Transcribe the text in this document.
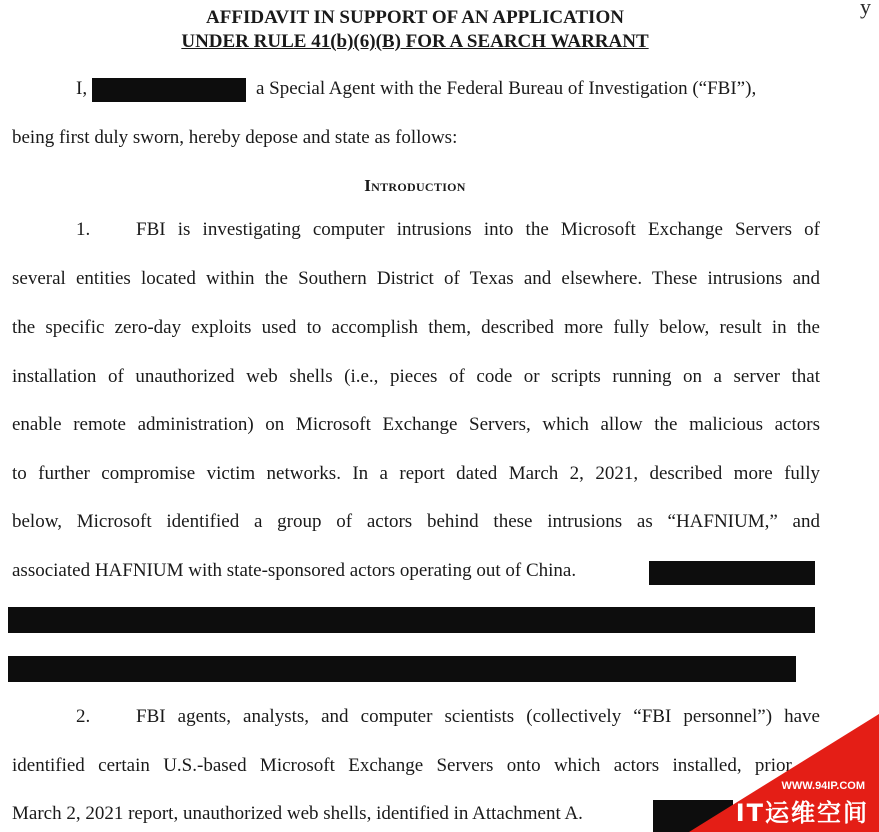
y
AFFIDAVIT IN SUPPORT OF AN APPLICATION
UNDER RULE 41(b)(6)(B) FOR A SEARCH WARRANT
I,	a Special Agent with the Federal Bureau of Investigation (“FBI”),
being first duly sworn, hereby depose and state as follows:
Introduction
1. FBI is investigating computer intrusions into the Microsoft Exchange Servers of
several entities located within the Southern District of Texas and elsewhere. These intrusions and
the specific zero-day exploits used to accomplish them, described more fully below, result in the
installation of unauthorized web shells (i.e., pieces of code or scripts running on a server that
enable remote administration) on Microsoft Exchange Servers, which allow the malicious actors
to further compromise victim networks. In a report dated March 2, 2021, described more fully
below, Microsoft identified a group of actors behind these intrusions as “HAFNIUM,” and
associated HAFNIUM with state-sponsored actors operating out of China.
2. FBI agents, analysts, and computer scientists (collectively “FBI personnel”) have
identified certain U.S.-based Microsoft Exchange Servers onto which actors installed, prior to
March 2, 2021 report, unauthorized web shells, identified in Attachment A.
WWW.94IP.COM
IT运维空间
